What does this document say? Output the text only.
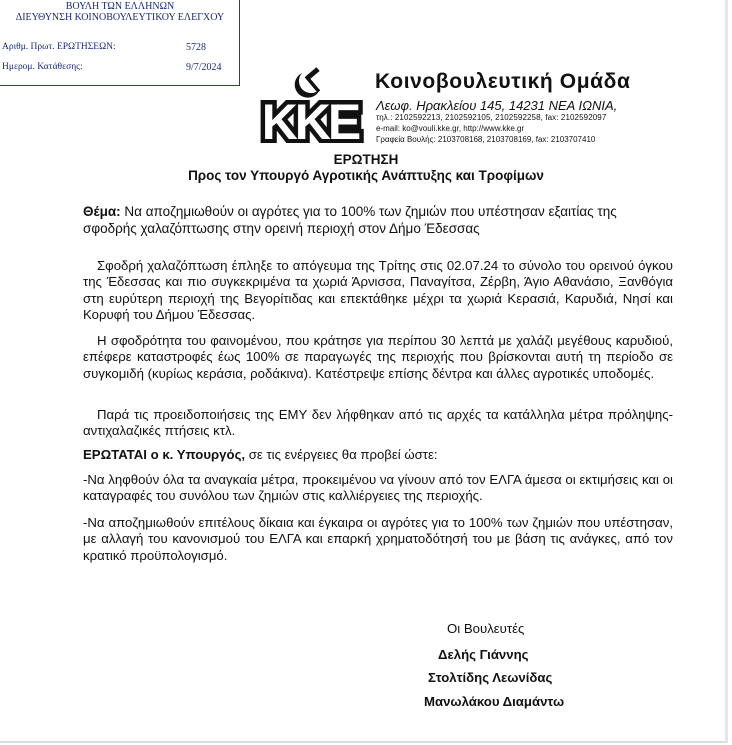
ΒΟΥΛΗ ΤΩΝ ΕΛΛΗΝΩΝ
ΔΙΕΥΘΥΝΣΗ ΚΟΙΝΟΒΟΥΛΕΥΤΙΚΟΥ ΕΛΕΓΧΟΥ
Αριθμ. Πρωτ. ΕΡΩΤΗΣΕΩΝ:	5728
Ημερομ. Κατάθεσης:	9/7/2024
ΚΚΕ
Κοινοβουλευτική Ομάδα
Λεωφ. Ηρακλείου 145, 14231 ΝΕΑ ΙΩΝΙΑ,
τηλ.: 2102592213, 2102592105, 2102592258, fax: 2102592097
e-mail: ko@vouli.kke.gr, http://www.kke.gr
Γραφεία Βουλής: 2103708168, 2103708169, fax: 2103707410
ΕΡΩΤΗΣΗ
Προς τον Υπουργό Αγροτικής Ανάπτυξης και Τροφίμων
Θέμα: Να αποζημιωθούν οι αγρότες για το 100% των ζημιών που υπέστησαν εξαιτίας της σφοδρής χαλαζόπτωσης στην ορεινή περιοχή στον Δήμο Έδεσσας

Σφοδρή χαλαζόπτωση έπληξε το απόγευμα της Τρίτης στις 02.07.24 το σύνολο του ορεινού όγκου της Έδεσσας και πιο συγκεκριμένα τα χωριά Άρνισσα, Παναγίτσα, Ζέρβη, Άγιο Αθανάσιο, Ξανθόγια στη ευρύτερη περιοχή της Βεγορίτιδας και επεκτάθηκε μέχρι τα χωριά Κερασιά, Καρυδιά, Νησί και Κορυφή του Δήμου Έδεσσας.

Η σφοδρότητα του φαινομένου, που κράτησε για περίπου 30 λεπτά με χαλάζι μεγέθους καρυδιού, επέφερε καταστροφές έως 100% σε παραγωγές της περιοχής που βρίσκονται αυτή τη περίοδο σε συγκομιδή (κυρίως κεράσια, ροδάκινα). Κατέστρεψε επίσης δέντρα και άλλες αγροτικές υποδομές.

Παρά τις προειδοποιήσεις της ΕΜΥ δεν λήφθηκαν από τις αρχές τα κατάλληλα μέτρα πρόληψης- αντιχαλαζικές πτήσεις κτλ.

ΕΡΩΤΑΤΑΙ ο κ. Υπουργός, σε τις ενέργειες θα προβεί ώστε:

-Να ληφθούν όλα τα αναγκαία μέτρα, προκειμένου να γίνουν από τον ΕΛΓΑ άμεσα οι εκτιμήσεις και οι καταγραφές του συνόλου των ζημιών στις καλλιέργειες της περιοχής.

-Να αποζημιωθούν επιτέλους δίκαια και έγκαιρα οι αγρότες για το 100% των ζημιών που υπέστησαν, με αλλαγή του κανονισμού του ΕΛΓΑ και επαρκή χρηματοδότησή του με βάση τις ανάγκες, από τον κρατικό προϋπολογισμό.

Οι Βουλευτές
Δελής Γιάννης
Στολτίδης Λεωνίδας
Μανωλάκου Διαμάντω
